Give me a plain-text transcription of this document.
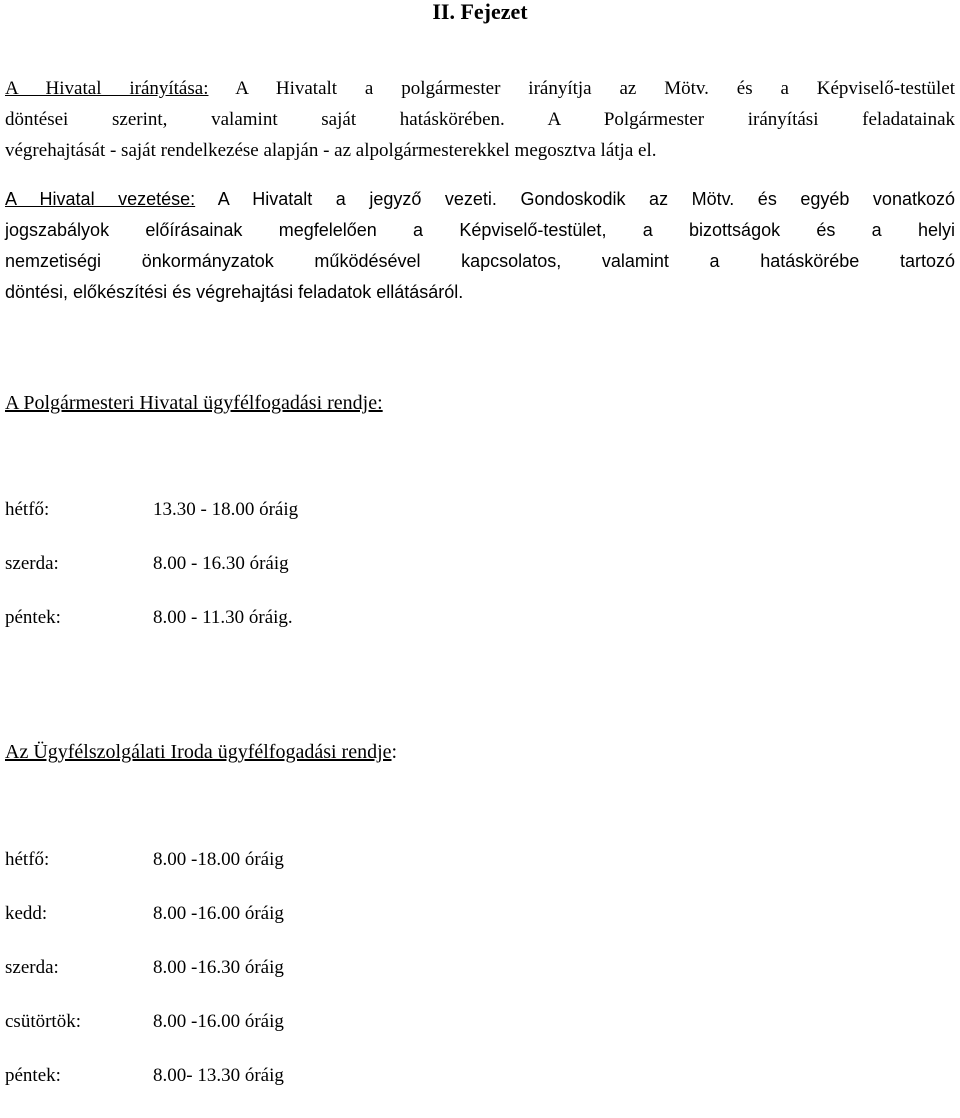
II. Fejezet
A Hivatal irányítása: A Hivatalt a polgármester irányítja az Mötv. és a Képviselő-testület
döntései szerint, valamint saját hatáskörében. A Polgármester irányítási feladatainak
végrehajtását - saját rendelkezése alapján - az alpolgármesterekkel megosztva látja el.
A Hivatal vezetése: A Hivatalt a jegyző vezeti. Gondoskodik az Mötv. és egyéb vonatkozó
jogszabályok előírásainak megfelelően a Képviselő-testület, a bizottságok és a helyi
nemzetiségi önkormányzatok működésével kapcsolatos, valamint a hatáskörébe tartozó
döntési, előkészítési és végrehajtási feladatok ellátásáról.
A Polgármesteri Hivatal ügyfélfogadási rendje:
hétfő:	13.30 - 18.00 óráig
szerda:	8.00 - 16.30 óráig
péntek:	8.00 - 11.30 óráig.
Az Ügyfélszolgálati Iroda ügyfélfogadási rendje:
hétfő:	8.00 -18.00 óráig
kedd:	8.00 -16.00 óráig
szerda:	8.00 -16.30 óráig
csütörtök:	8.00 -16.00 óráig
péntek:	8.00- 13.30 óráig
